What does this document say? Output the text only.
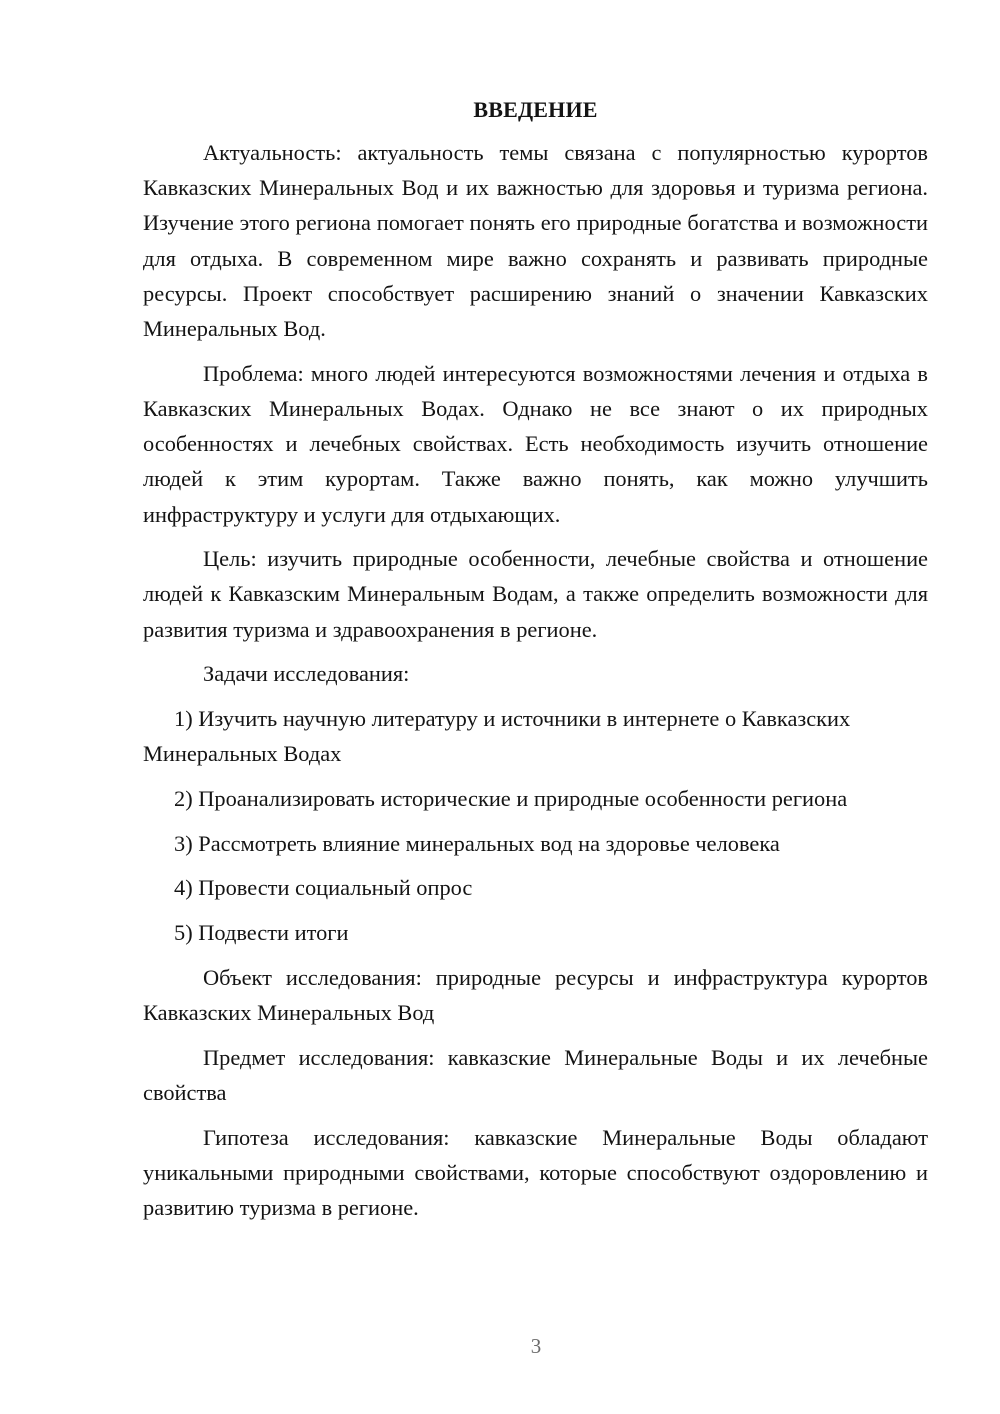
ВВЕДЕНИЕ

Актуальность: актуальность темы связана с популярностью курортов Кавказских Минеральных Вод и их важностью для здоровья и туризма региона. Изучение этого региона помогает понять его природные богатства и возможности для отдыха. В современном мире важно сохранять и развивать природные ресурсы. Проект способствует расширению знаний о значении Кавказских Минеральных Вод.

Проблема: много людей интересуются возможностями лечения и отдыха в Кавказских Минеральных Водах. Однако не все знают о их природных особенностях и лечебных свойствах. Есть необходимость изучить отношение людей к этим курортам. Также важно понять, как можно улучшить инфраструктуру и услуги для отдыхающих.

Цель: изучить природные особенности, лечебные свойства и отношение людей к Кавказским Минеральным Водам, а также определить возможности для развития туризма и здравоохранения в регионе.

Задачи исследования:

1) Изучить научную литературу и источники в интернете о Кавказских Минеральных Водах

2) Проанализировать исторические и природные особенности региона

3) Рассмотреть влияние минеральных вод на здоровье человека

4) Провести социальный опрос

5) Подвести итоги

Объект исследования: природные ресурсы и инфраструктура курортов Кавказских Минеральных Вод

Предмет исследования: кавказские Минеральные Воды и их лечебные свойства

Гипотеза исследования: кавказские Минеральные Воды обладают уникальными природными свойствами, которые способствуют оздоровлению и развитию туризма в регионе.

3
